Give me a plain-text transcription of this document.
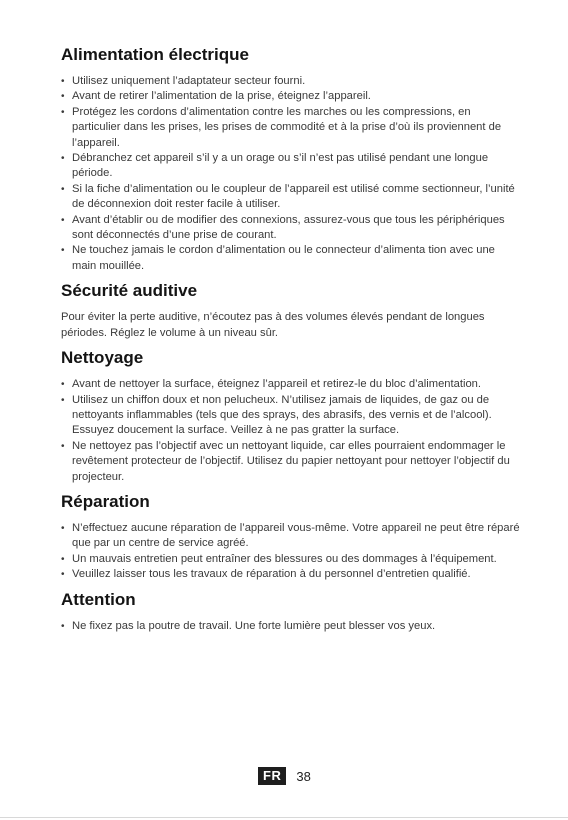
Alimentation électrique
• Utilisez uniquement l’adaptateur secteur fourni.
• Avant de retirer l’alimentation de la prise, éteignez l’appareil.
• Protégez les cordons d’alimentation contre les marches ou les compressions, en particulier dans les prises, les prises de commodité et à la prise d’où ils proviennent de l’appareil.
• Débranchez cet appareil s’il y a un orage ou s’il n’est pas utilisé pendant une longue période.
• Si la fiche d’alimentation ou le coupleur de l’appareil est utilisé comme sectionneur, l’unité de déconnexion doit rester facile à utiliser.
• Avant d’établir ou de modifier des connexions, assurez-vous que tous les périphériques sont déconnectés d’une prise de courant.
• Ne touchez jamais le cordon d’alimentation ou le connecteur d’alimenta tion avec une main mouillée.
Sécurité auditive

Pour éviter la perte auditive, n’écoutez pas à des volumes élevés pendant de longues périodes. Réglez le volume à un niveau sûr.

Nettoyage
• Avant de nettoyer la surface, éteignez l’appareil et retirez-le du bloc d’alimentation.
• Utilisez un chiffon doux et non pelucheux. N’utilisez jamais de liquides, de gaz ou de nettoyants inflammables (tels que des sprays, des abrasifs, des vernis et de l’alcool). Essuyez doucement la surface. Veillez à ne pas gratter la surface.
• Ne nettoyez pas l’objectif avec un nettoyant liquide, car elles pourraient endommager le revêtement protecteur de l’objectif. Utilisez du papier nettoyant pour nettoyer l’objectif du projecteur.
Réparation
• N’effectuez aucune réparation de l’appareil vous-même. Votre appareil ne peut être réparé que par un centre de service agréé.
• Un mauvais entretien peut entraîner des blessures ou des dommages à l’équipement.
• Veuillez laisser tous les travaux de réparation à du personnel d’entretien qualifié.
Attention
• Ne fixez pas la poutre de travail. Une forte lumière peut blesser vos yeux.
FR	38
